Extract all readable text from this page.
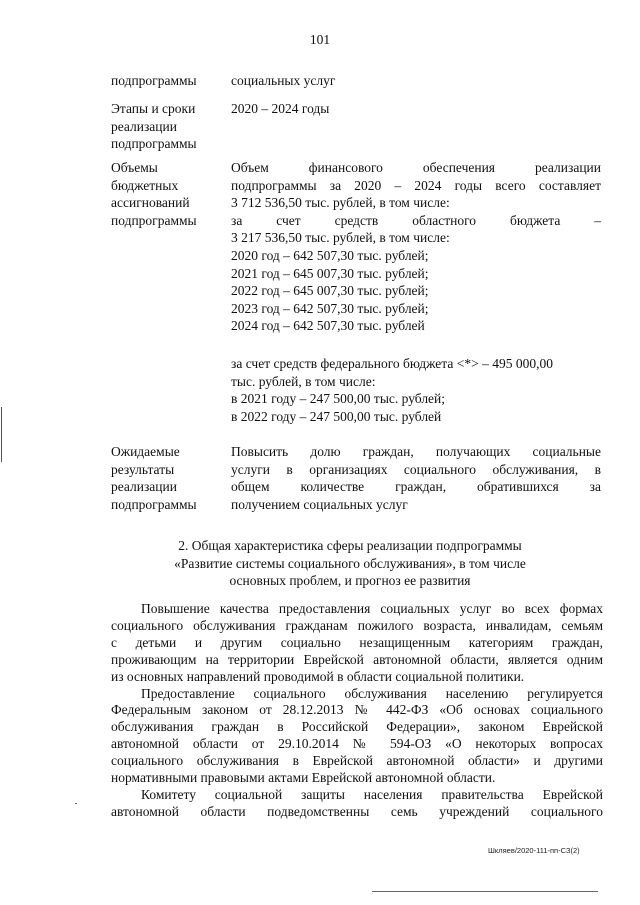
101
подпрограммы	социальных услуг
Этапы и сроки
реализации
подпрограммы
2020 – 2024 годы
Объемы
бюджетных
ассигнований
подпрограммы
Объем финансового обеспечения реализации
подпрограммы за 2020 – 2024 годы всего составляет
3 712 536,50 тыс. рублей, в том числе:
за счет средств областного бюджета –
3 217 536,50 тыс. рублей, в том числе:
2020 год – 642 507,30 тыс. рублей;
2021 год – 645 007,30 тыс. рублей;
2022 год – 645 007,30 тыс. рублей;
2023 год – 642 507,30 тыс. рублей;
2024 год – 642 507,30 тыс. рублей
за счет средств федерального бюджета <*> – 495 000,00
тыс. рублей, в том числе:
в 2021 году – 247 500,00 тыс. рублей;
в 2022 году – 247 500,00 тыс. рублей
Ожидаемые
результаты
реализации
подпрограммы
Повысить долю граждан, получающих социальные
услуги в организациях социального обслуживания, в
общем количестве граждан, обратившихся за
получением социальных услуг
2. Общая характеристика сферы реализации подпрограммы
«Развитие системы социального обслуживания», в том числе
основных проблем, и прогноз ее развития
Повышение качества предоставления социальных услуг во всех формах
социального обслуживания гражданам пожилого возраста, инвалидам, семьям
с детьми и другим социально незащищенным категориям граждан,
проживающим на территории Еврейской автономной области, является одним
из основных направлений проводимой в области социальной политики.
Предоставление социального обслуживания населению регулируется
Федеральным законом от 28.12.2013 № 442-ФЗ «Об основах социального
обслуживания граждан в Российской Федерации», законом Еврейской
автономной области от 29.10.2014 № 594-ОЗ «О некоторых вопросах
социального обслуживания в Еврейской автономной области» и другими
нормативными правовыми актами Еврейской автономной области.
Комитету социальной защиты населения правительства Еврейской
автономной области подведомственны семь учреждений социального
Шкляев/2020-111-пп-СЗ(2)
